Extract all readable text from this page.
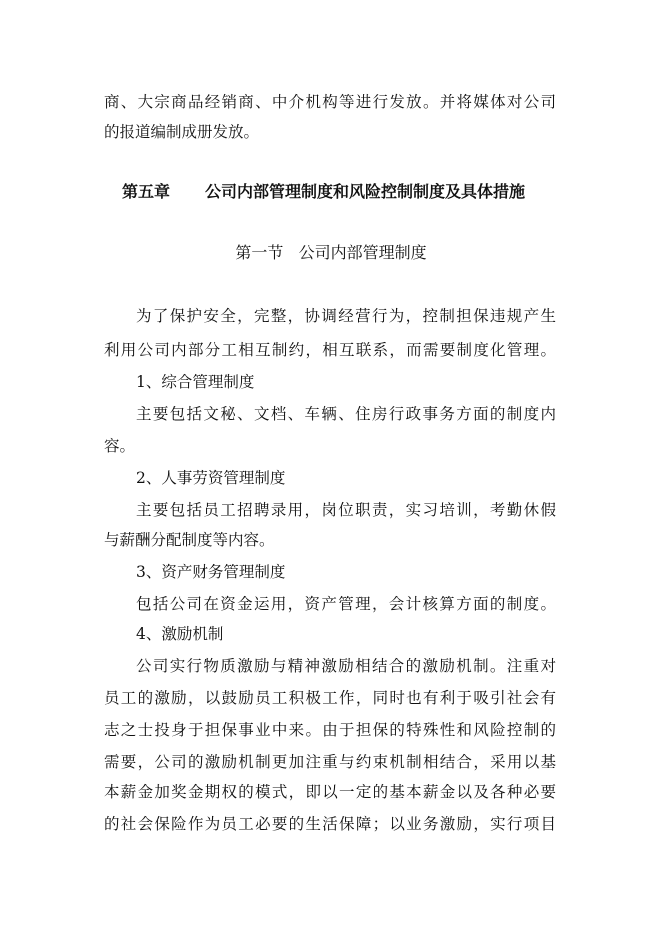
商、大宗商品经销商、中介机构等进行发放。并将媒体对公司
的报道编制成册发放。
第五章 公司内部管理制度和风险控制制度及具体措施
第一节   公司内部管理制度
为了保护安全，完整，协调经营行为，控制担保违规产生
利用公司内部分工相互制约，相互联系，而需要制度化管理。
1、综合管理制度
主要包括文秘、文档、车辆、住房行政事务方面的制度内
容。
2、人事劳资管理制度
主要包括员工招聘录用，岗位职责，实习培训，考勤休假
与薪酬分配制度等内容。
3、资产财务管理制度
包括公司在资金运用，资产管理，会计核算方面的制度。
4、激励机制
公司实行物质激励与精神激励相结合的激励机制。注重对
员工的激励，以鼓励员工积极工作，同时也有利于吸引社会有
志之士投身于担保事业中来。由于担保的特殊性和风险控制的
需要，公司的激励机制更加注重与约束机制相结合，采用以基
本薪金加奖金期权的模式，即以一定的基本薪金以及各种必要
的社会保险作为员工必要的生活保障；以业务激励，实行项目
